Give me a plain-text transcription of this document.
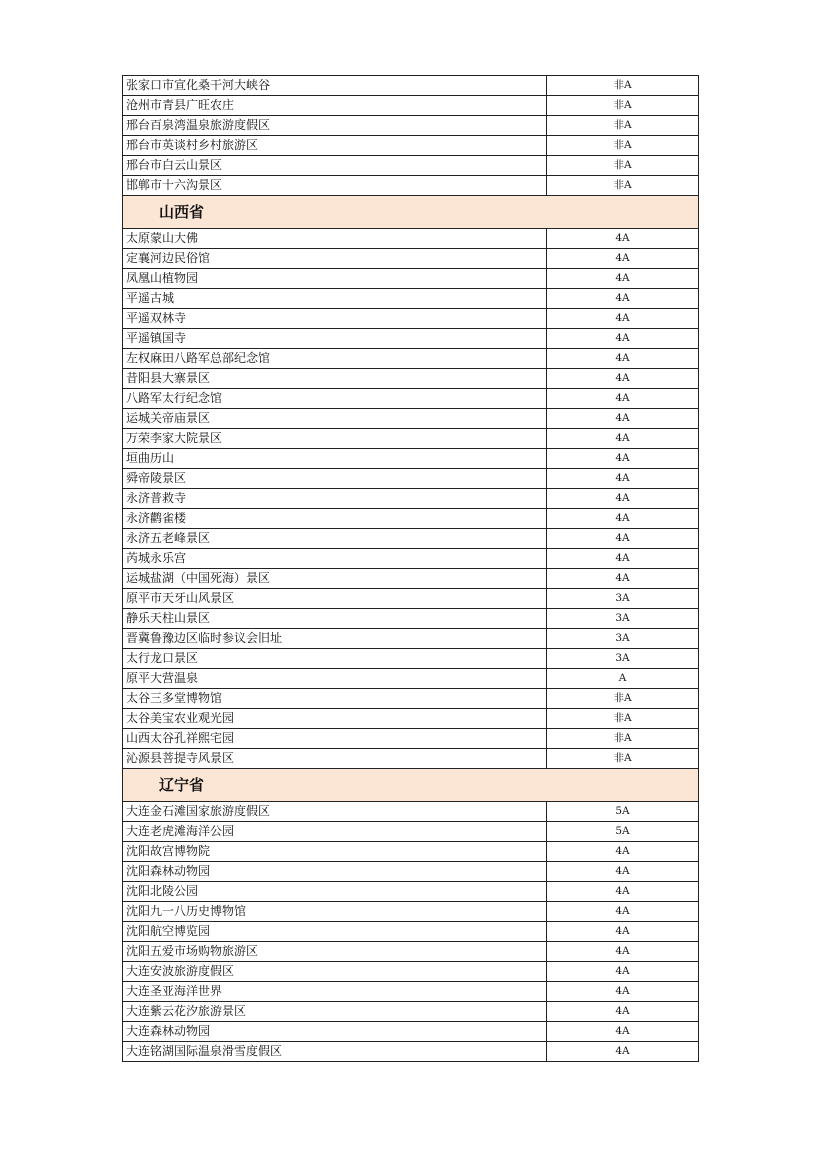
张家口市宣化桑干河大峡谷	非A
沧州市青县广旺农庄	非A
邢台百泉湾温泉旅游度假区	非A
邢台市英谈村乡村旅游区	非A
邢台市白云山景区	非A
邯郸市十六沟景区	非A
山西省	
太原蒙山大佛	4A
定襄河边民俗馆	4A
凤凰山植物园	4A
平遥古城	4A
平遥双林寺	4A
平遥镇国寺	4A
左权麻田八路军总部纪念馆	4A
昔阳县大寨景区	4A
八路军太行纪念馆	4A
运城关帝庙景区	4A
万荣李家大院景区	4A
垣曲历山	4A
舜帝陵景区	4A
永济普救寺	4A
永济鹳雀楼	4A
永济五老峰景区	4A
芮城永乐宫	4A
运城盐湖（中国死海）景区	4A
原平市天牙山风景区	3A
静乐天柱山景区	3A
晋冀鲁豫边区临时参议会旧址	3A
太行龙口景区	3A
原平大营温泉	A
太谷三多堂博物馆	非A
太谷美宝农业观光园	非A
山西太谷孔祥熙宅园	非A
沁源县菩提寺风景区	非A
辽宁省	
大连金石滩国家旅游度假区	5A
大连老虎滩海洋公园	5A
沈阳故宫博物院	4A
沈阳森林动物园	4A
沈阳北陵公园	4A
沈阳九一八历史博物馆	4A
沈阳航空博览园	4A
沈阳五爱市场购物旅游区	4A
大连安波旅游度假区	4A
大连圣亚海洋世界	4A
大连紫云花汐旅游景区	4A
大连森林动物园	4A
大连铭湖国际温泉滑雪度假区	4A
